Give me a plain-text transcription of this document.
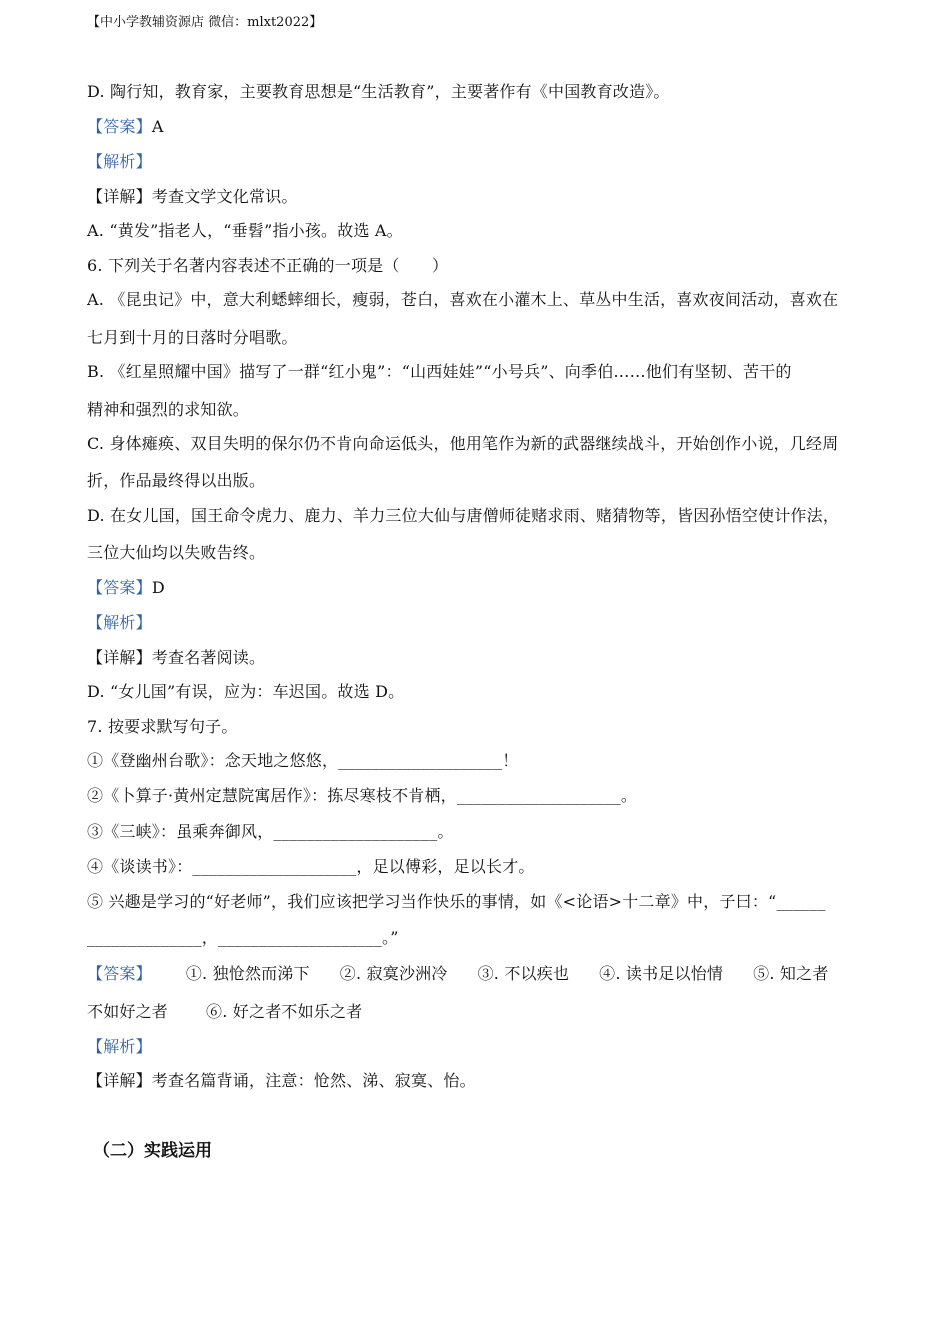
【中小学教辅资源店 微信：mlxt2022】
D. 陶行知，教育家，主要教育思想是“生活教育”，主要著作有《中国教育改造》。
【答案】A
【解析】
【详解】考查文学文化常识。
A. “黄发”指老人，“垂髫”指小孩。故选 A。
6. 下列关于名著内容表述不正确的一项是（　　）
A. 《昆虫记》中，意大利蟋蟀细长，瘦弱，苍白，喜欢在小灌木上、草丛中生活，喜欢夜间活动，喜欢在
七月到十月的日落时分唱歌。
B. 《红星照耀中国》描写了一群“红小鬼”：“山西娃娃”“小号兵”、向季伯……他们有坚韧、苦干的
精神和强烈的求知欲。
C. 身体瘫痪、双目失明的保尔仍不肯向命运低头，他用笔作为新的武器继续战斗，开始创作小说，几经周
折，作品最终得以出版。
D. 在女儿国，国王命令虎力、鹿力、羊力三位大仙与唐僧师徒赌求雨、赌猜物等，皆因孙悟空使计作法，
三位大仙均以失败告终。
【答案】D
【解析】
【详解】考查名著阅读。
D. “女儿国”有误，应为：车迟国。故选 D。
7. 按要求默写句子。
①《登幽州台歌》：念天地之悠悠，____________________！
②《卜算子·黄州定慧院寓居作》：拣尽寒枝不肯栖，____________________。
③《三峡》：虽乘奔御风，____________________。
④《谈读书》：____________________，足以傅彩，足以长才。
⑤ 兴趣是学习的“好老师”，我们应该把学习当作快乐的事情，如《<论语>十二章》中，子曰：“______
______________，____________________。”
【答案】 ①. 独怆然而涕下 ②. 寂寞沙洲冷 ③. 不以疾也 ④. 读书足以怡情 ⑤. 知之者
不如好之者 ⑥. 好之者不如乐之者
【解析】
【详解】考查名篇背诵，注意：怆然、涕、寂寞、怡。
（二）实践运用
